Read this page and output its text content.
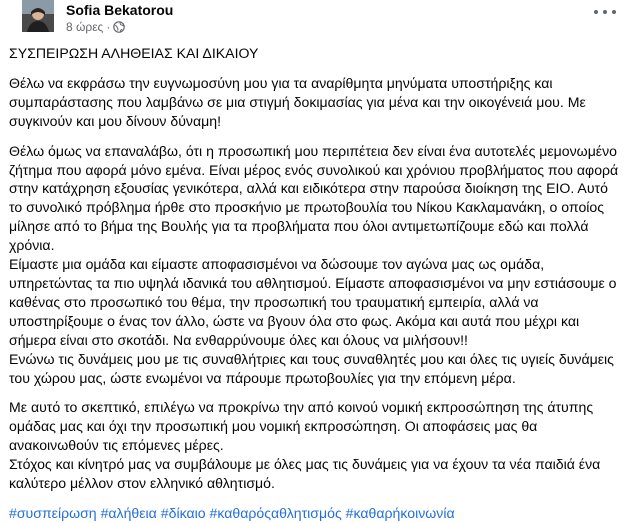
Sofia Bekatorou
8 ώρες ·

ΣΥΣΠΕΙΡΩΣΗ ΑΛΗΘΕΙΑΣ ΚΑΙ ΔΙΚΑΙΟΥ

Θέλω να εκφράσω την ευγνωμοσύνη μου για τα αναρίθμητα μηνύματα υποστήριξης και συμπαράστασης που λαμβάνω σε μια στιγμή δοκιμασίας για μένα και την οικογένειά μου. Με συγκινούν και μου δίνουν δύναμη!

Θέλω όμως να επαναλάβω, ότι η προσωπική μου περιπέτεια δεν είναι ένα αυτοτελές μεμονωμένο ζήτημα που αφορά μόνο εμένα. Είναι μέρος ενός συνολικού και χρόνιου προβλήματος που αφορά στην κατάχρηση εξουσίας γενικότερα, αλλά και ειδικότερα στην παρούσα διοίκηση της ΕΙΟ. Αυτό το συνολικό πρόβλημα ήρθε στο προσκήνιο με πρωτοβουλία του Νίκου Κακλαμανάκη, ο οποίος μίλησε από το βήμα της Βουλής για τα προβλήματα που όλοι αντιμετωπίζουμε εδώ και πολλά χρόνια.

Είμαστε μια ομάδα και είμαστε αποφασισμένοι να δώσουμε τον αγώνα μας ως ομάδα, υπηρετώντας τα πιο υψηλά ιδανικά του αθλητισμού. Είμαστε αποφασισμένοι να μην εστιάσουμε ο καθένας στο προσωπικό του θέμα, την προσωπική του τραυματική εμπειρία, αλλά να υποστηρίξουμε ο ένας τον άλλο, ώστε να βγουν όλα στο φως. Ακόμα και αυτά που μέχρι και σήμερα είναι στο σκοτάδι. Να ενθαρρύνουμε όλες και όλους να μιλήσουν!!

Ενώνω τις δυνάμεις μου με τις συναθλήτριες και τους συναθλητές μου και όλες τις υγιείς δυνάμεις του χώρου μας, ώστε ενωμένοι να πάρουμε πρωτοβουλίες για την επόμενη μέρα.

Με αυτό το σκεπτικό, επιλέγω να προκρίνω την από κοινού νομική εκπροσώπηση της άτυπης ομάδας μας και όχι την προσωπική μου νομική εκπροσώπηση. Οι αποφάσεις μας θα ανακοινωθούν τις επόμενες μέρες.

Στόχος και κίνητρό μας να συμβάλουμε με όλες μας τις δυνάμεις για να έχουν τα νέα παιδιά ένα καλύτερο μέλλον στον ελληνικό αθλητισμό.

#συσπείρωση #αλήθεια #δίκαιο #καθαρόςαθλητισμός #καθαρήκοινωνία
